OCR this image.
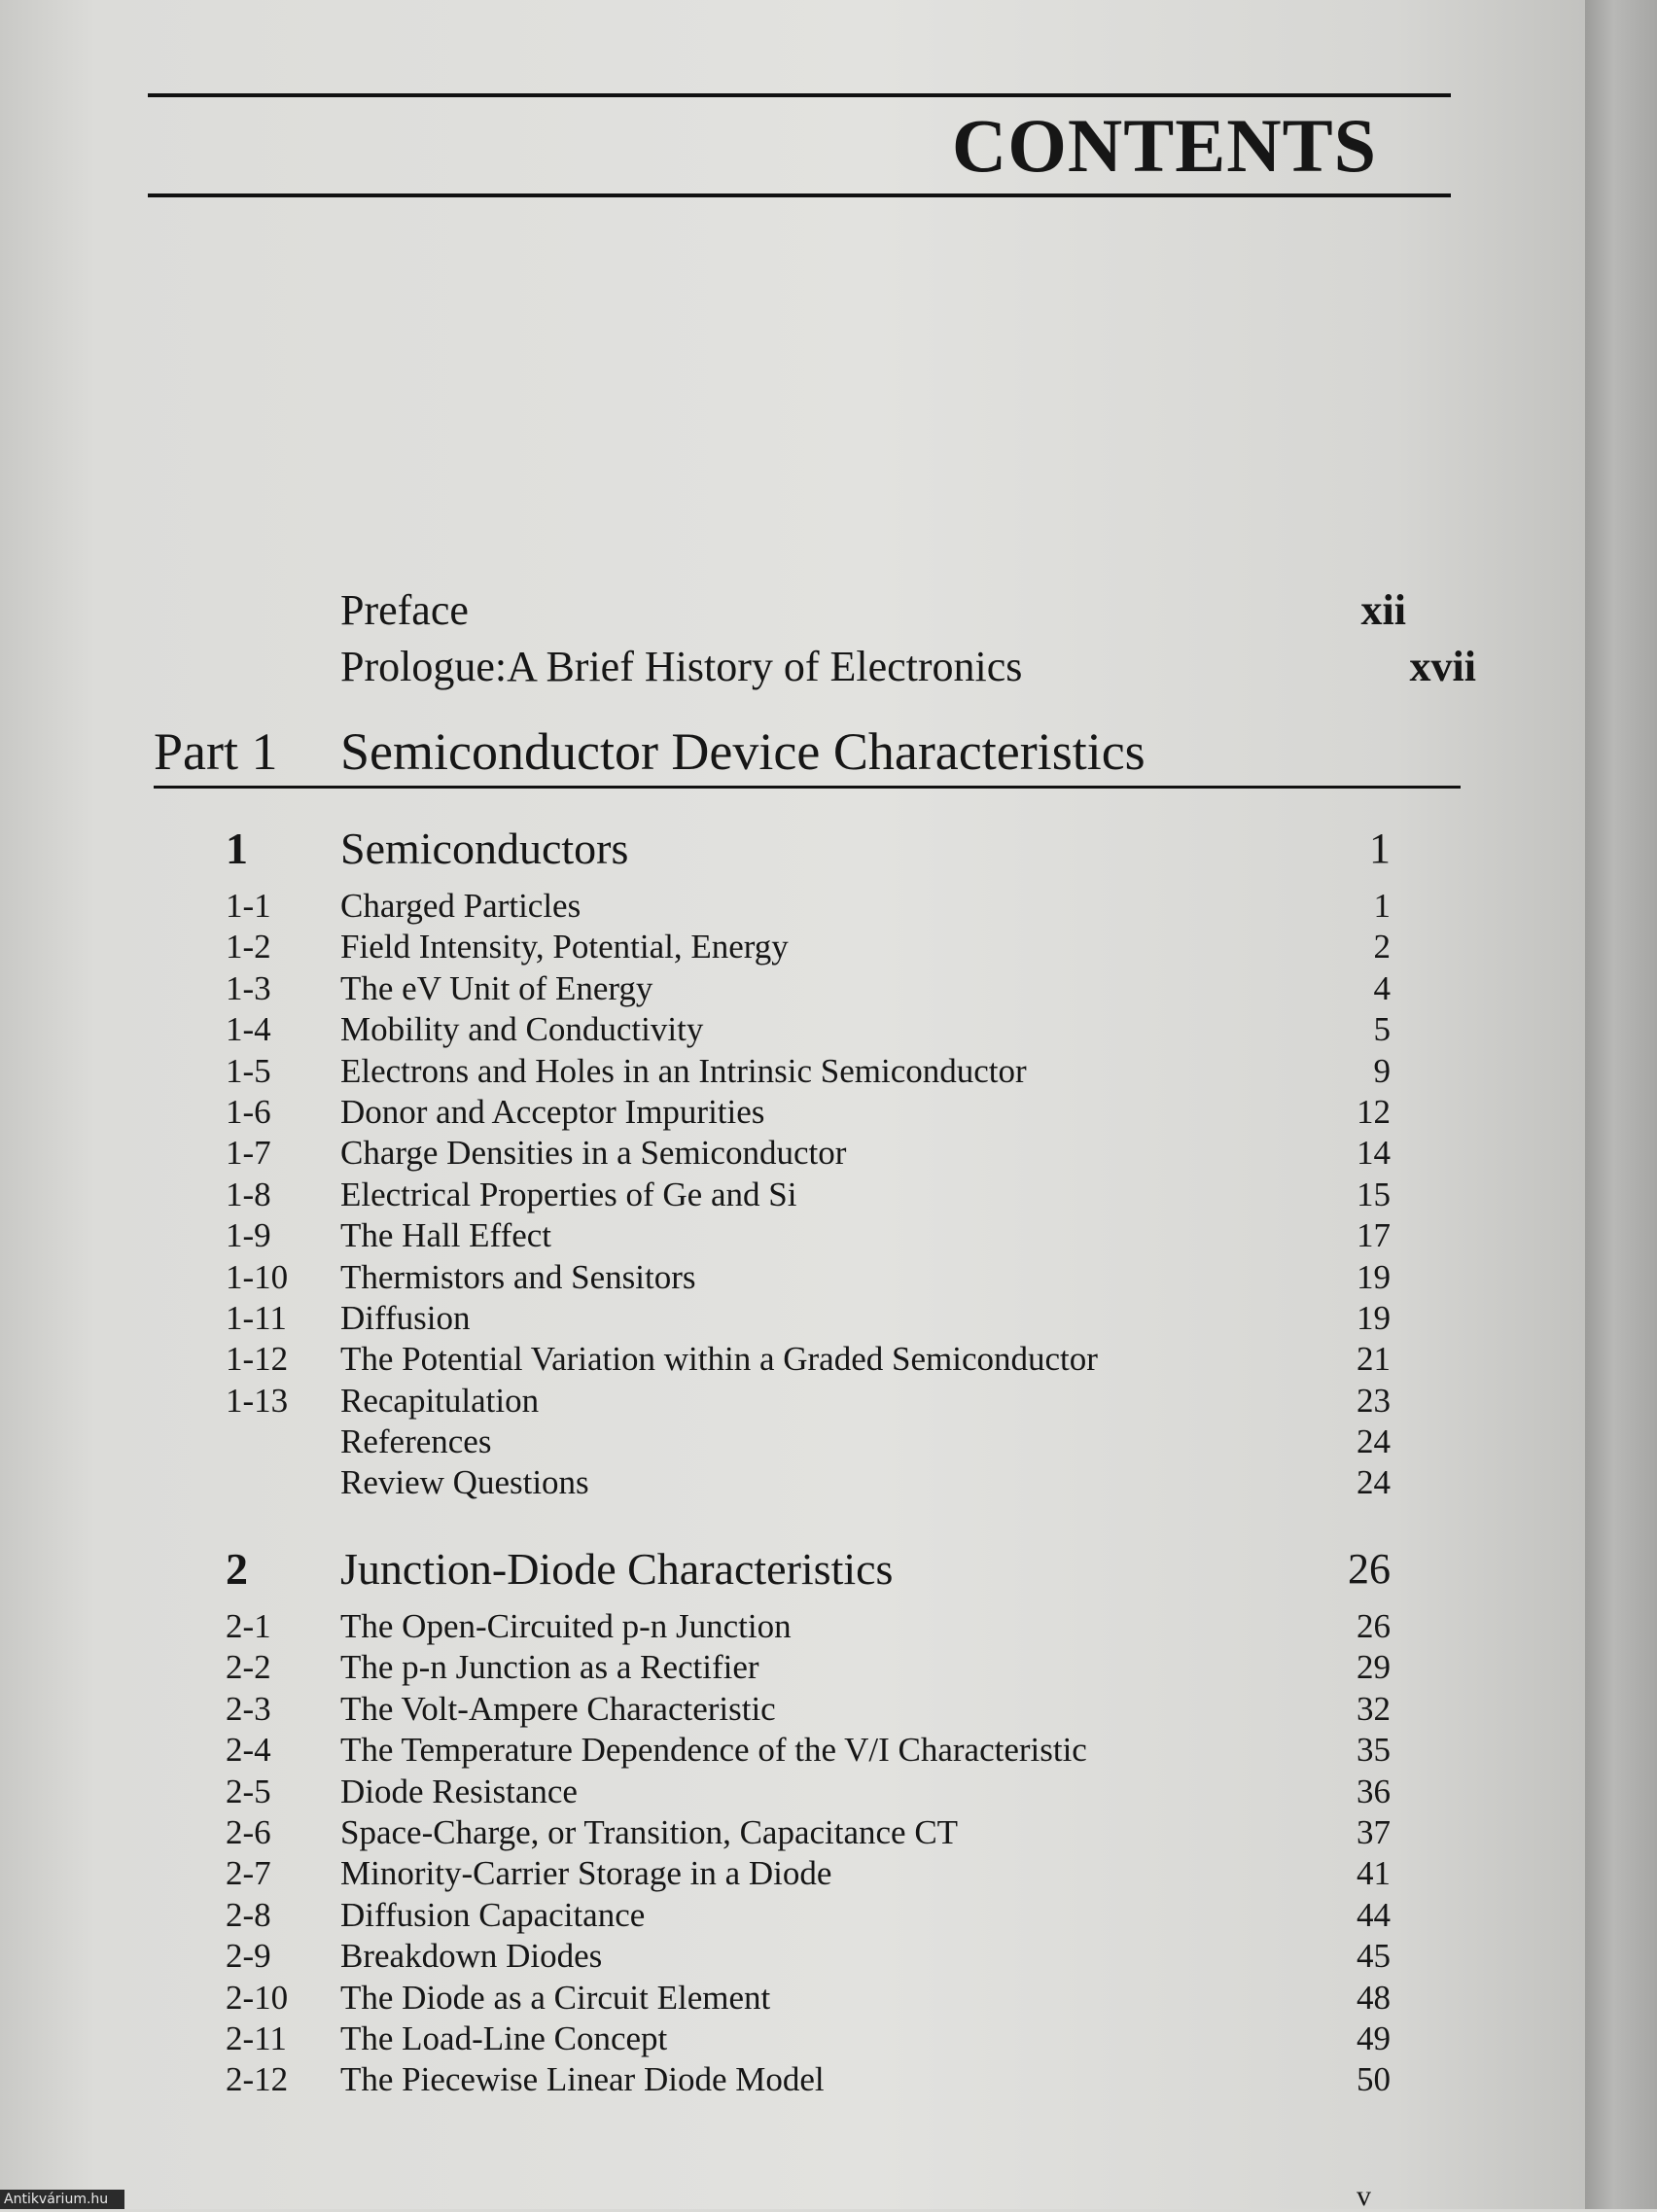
CONTENTS
Preface	xii
Prologue:A Brief History of Electronics	xvii
Part 1 Semiconductor Device Characteristics
1 Semiconductors	1
1-1 Charged Particles	1
1-2 Field Intensity, Potential, Energy	2
1-3 The eV Unit of Energy	4
1-4 Mobility and Conductivity	5
1-5 Electrons and Holes in an Intrinsic Semiconductor	9
1-6 Donor and Acceptor Impurities	12
1-7 Charge Densities in a Semiconductor	14
1-8 Electrical Properties of Ge and Si	15
1-9 The Hall Effect	17
1-10 Thermistors and Sensitors	19
1-11 Diffusion	19
1-12 The Potential Variation within a Graded Semiconductor	21
1-13 Recapitulation	23
References	24
Review Questions	24
2 Junction-Diode Characteristics	26
2-1 The Open-Circuited p-n Junction	26
2-2 The p-n Junction as a Rectifier	29
2-3 The Volt-Ampere Characteristic	32
2-4 The Temperature Dependence of the V/I Characteristic	35
2-5 Diode Resistance	36
2-6 Space-Charge, or Transition, Capacitance CT	37
2-7 Minority-Carrier Storage in a Diode	41
2-8 Diffusion Capacitance	44
2-9 Breakdown Diodes	45
2-10 The Diode as a Circuit Element	48
2-11 The Load-Line Concept	49
2-12 The Piecewise Linear Diode Model	50
v
Antikvárium.hu
